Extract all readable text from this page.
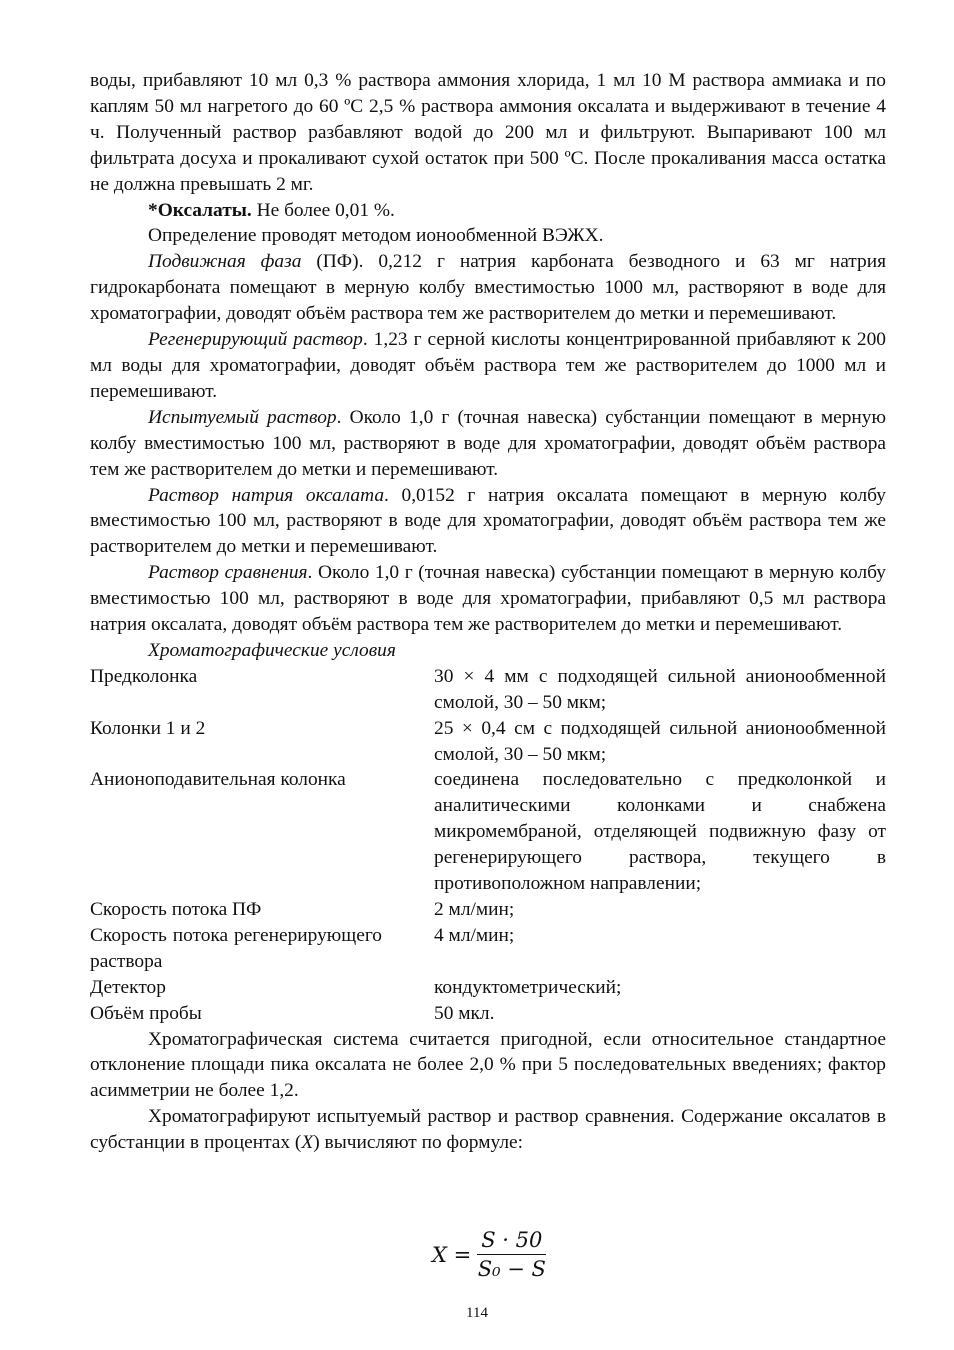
воды, прибавляют 10 мл 0,3 % раствора аммония хлорида, 1 мл 10 М раствора аммиака и по каплям 50 мл нагретого до 60 ºС 2,5 % раствора аммония оксалата и выдерживают в течение 4 ч. Полученный раствор разбавляют водой до 200 мл и фильтруют. Выпаривают 100 мл фильтрата досуха и прокаливают сухой остаток при 500 ºС. После прокаливания масса остатка не должна превышать 2 мг.

*Оксалаты. Не более 0,01 %.

Определение проводят методом ионообменной ВЭЖХ.

Подвижная фаза (ПФ). 0,212 г натрия карбоната безводного и 63 мг натрия гидрокарбоната помещают в мерную колбу вместимостью 1000 мл, растворяют в воде для хроматографии, доводят объём раствора тем же растворителем до метки и перемешивают.

Регенерирующий раствор. 1,23 г серной кислоты концентрированной прибавляют к 200 мл воды для хроматографии, доводят объём раствора тем же растворителем до 1000 мл и перемешивают.

Испытуемый раствор. Около 1,0 г (точная навеска) субстанции помещают в мерную колбу вместимостью 100 мл, растворяют в воде для хроматографии, доводят объём раствора тем же растворителем до метки и перемешивают.

Раствор натрия оксалата. 0,0152 г натрия оксалата помещают в мерную колбу вместимостью 100 мл, растворяют в воде для хроматографии, доводят объём раствора тем же растворителем до метки и перемешивают.

Раствор сравнения. Около 1,0 г (точная навеска) субстанции помещают в мерную колбу вместимостью 100 мл, растворяют в воде для хроматографии, прибавляют 0,5 мл раствора натрия оксалата, доводят объём раствора тем же растворителем до метки и перемешивают.

Хроматографические условия
Предколонка	30 × 4 мм с подходящей сильной анионообменной смолой, 30 – 50 мкм;
Колонки 1 и 2	25 × 0,4 см с подходящей сильной анионообменной смолой, 30 – 50 мкм;
Анионоподавительная колонка	соединена последовательно с предколонкой и аналитическими колонками и снабжена микромембраной, отделяющей подвижную фазу от регенерирующего раствора, текущего в противоположном направлении;
Скорость потока ПФ	2 мл/мин;
Скорость потока регенерирующего раствора	4 мл/мин;
Детектор	кондуктометрический;
Объём пробы	50 мкл.

Хроматографическая система считается пригодной, если относительное стандартное отклонение площади пика оксалата не более 2,0 % при 5 последовательных введениях; фактор асимметрии не более 1,2.

Хроматографируют испытуемый раствор и раствор сравнения. Содержание оксалатов в субстанции в процентах (X) вычисляют по формуле:

$X = \frac{S \cdot 50}{\text{S₀ − S}}$
114
